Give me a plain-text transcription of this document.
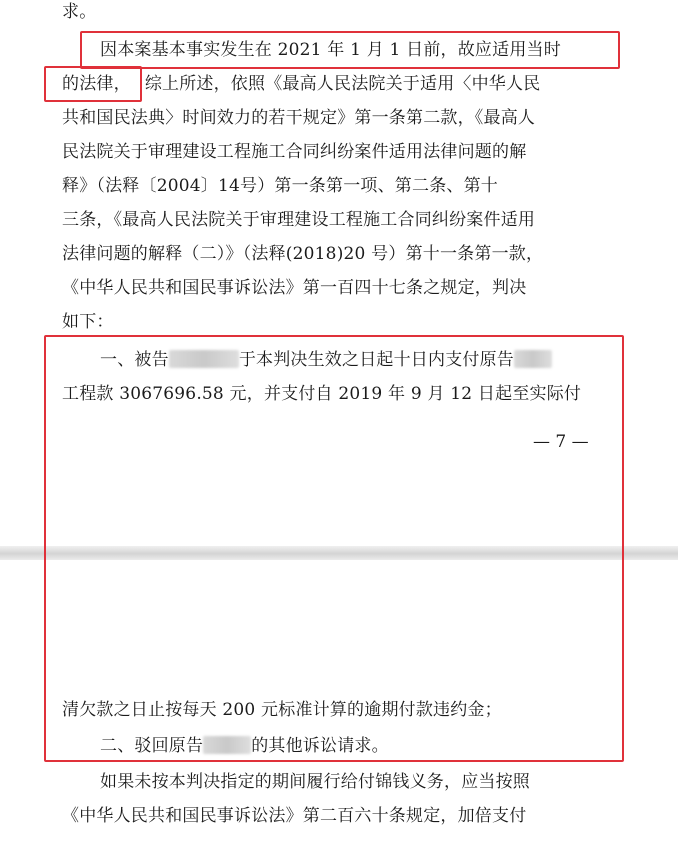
求。
因本案基本事实发生在 2021 年 1 月 1 日前，故应适用当时
的法律， 综上所述，依照《最高人民法院关于适用〈中华人民
共和国民法典〉时间效力的若干规定》第一条第二款，《最高人
民法院关于审理建设工程施工合同纠纷案件适用法律问题的解
释》（法释〔2004〕14号）第一条第一项、第二条、第十
三条，《最高人民法院关于审理建设工程施工合同纠纷案件适用
法律问题的解释（二）》（法释(2018)20 号）第十一条第一款，
《中华人民共和国民事诉讼法》第一百四十七条之规定，判决
如下：
一、被告	于本判决生效之日起十日内支付原告
工程款 3067696.58 元，并支付自 2019 年 9 月 12 日起至实际付
— 7 —
清欠款之日止按每天 200 元标准计算的逾期付款违约金；
二、驳回原告	的其他诉讼请求。
如果未按本判决指定的期间履行给付锦钱义务，应当按照
《中华人民共和国民事诉讼法》第二百六十条规定，加倍支付
